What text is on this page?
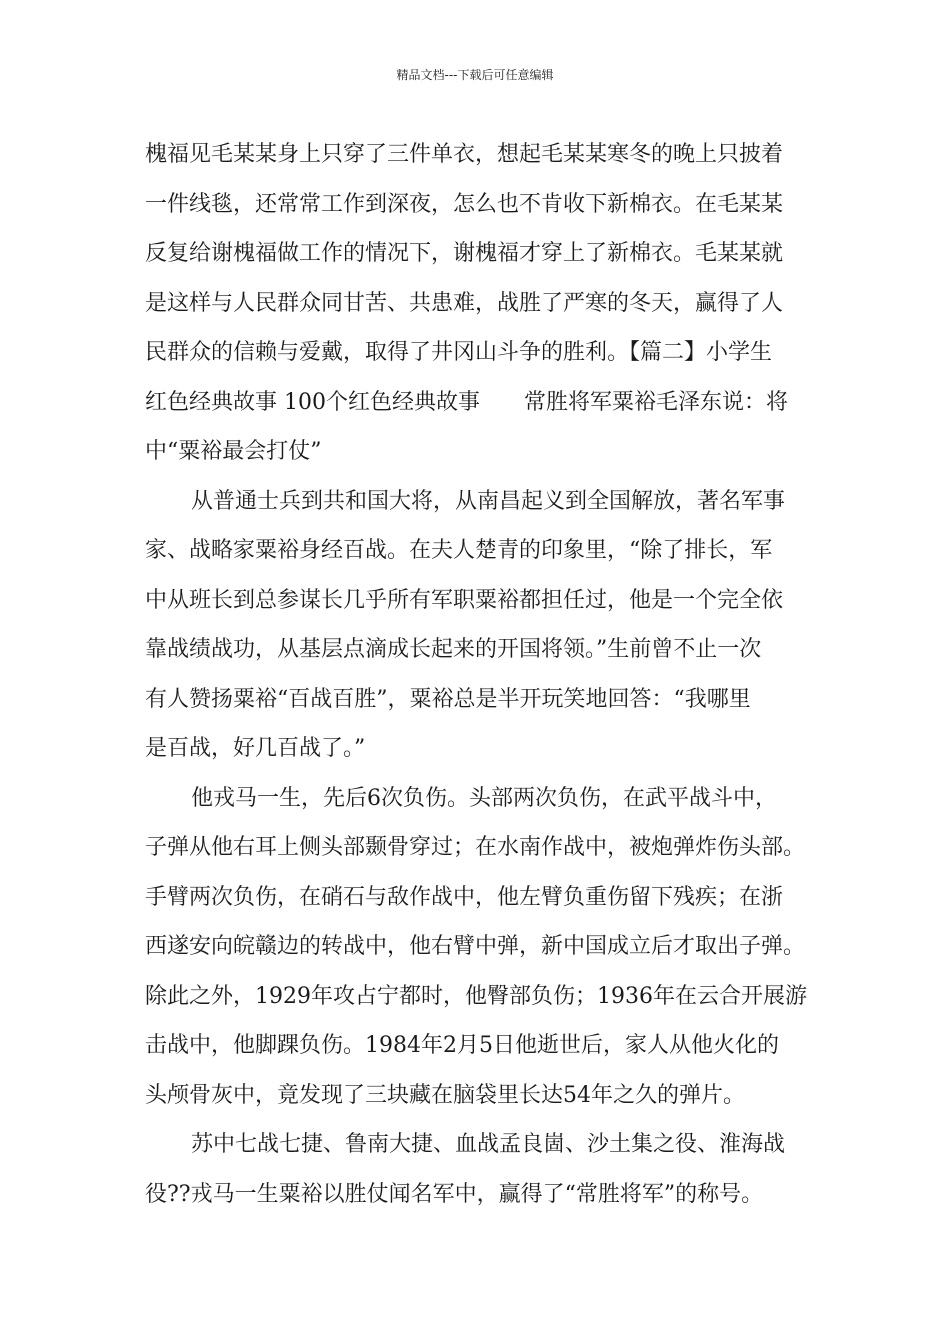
精品文档---下载后可任意编辑
槐福见毛某某身上只穿了三件单衣，想起毛某某寒冬的晚上只披着
一件线毯，还常常工作到深夜，怎么也不肯收下新棉衣。在毛某某
反复给谢槐福做工作的情况下，谢槐福才穿上了新棉衣。毛某某就
是这样与人民群众同甘苦、共患难，战胜了严寒的冬天，赢得了人
民群众的信赖与爱戴，取得了井冈山斗争的胜利。【篇二】小学生
红色经典故事 100个红色经典故事　　常胜将军粟裕毛泽东说：将
中“粟裕最会打仗”
从普通士兵到共和国大将，从南昌起义到全国解放，著名军事
家、战略家粟裕身经百战。在夫人楚青的印象里，“除了排长，军
中从班长到总参谋长几乎所有军职粟裕都担任过，他是一个完全依
靠战绩战功，从基层点滴成长起来的开国将领。”生前曾不止一次
有人赞扬粟裕“百战百胜”，粟裕总是半开玩笑地回答：“我哪里
是百战，好几百战了。”
他戎马一生，先后6次负伤。头部两次负伤，在武平战斗中，
子弹从他右耳上侧头部颞骨穿过；在水南作战中，被炮弹炸伤头部。
手臂两次负伤，在硝石与敌作战中，他左臂负重伤留下残疾；在浙
西遂安向皖赣边的转战中，他右臂中弹，新中国成立后才取出子弹。
除此之外，1929年攻占宁都时，他臀部负伤；1936年在云合开展游
击战中，他脚踝负伤。1984年2月5日他逝世后，家人从他火化的
头颅骨灰中，竟发现了三块藏在脑袋里长达54年之久的弹片。
苏中七战七捷、鲁南大捷、血战孟良崮、沙土集之役、淮海战
役??戎马一生粟裕以胜仗闻名军中，赢得了“常胜将军”的称号。
